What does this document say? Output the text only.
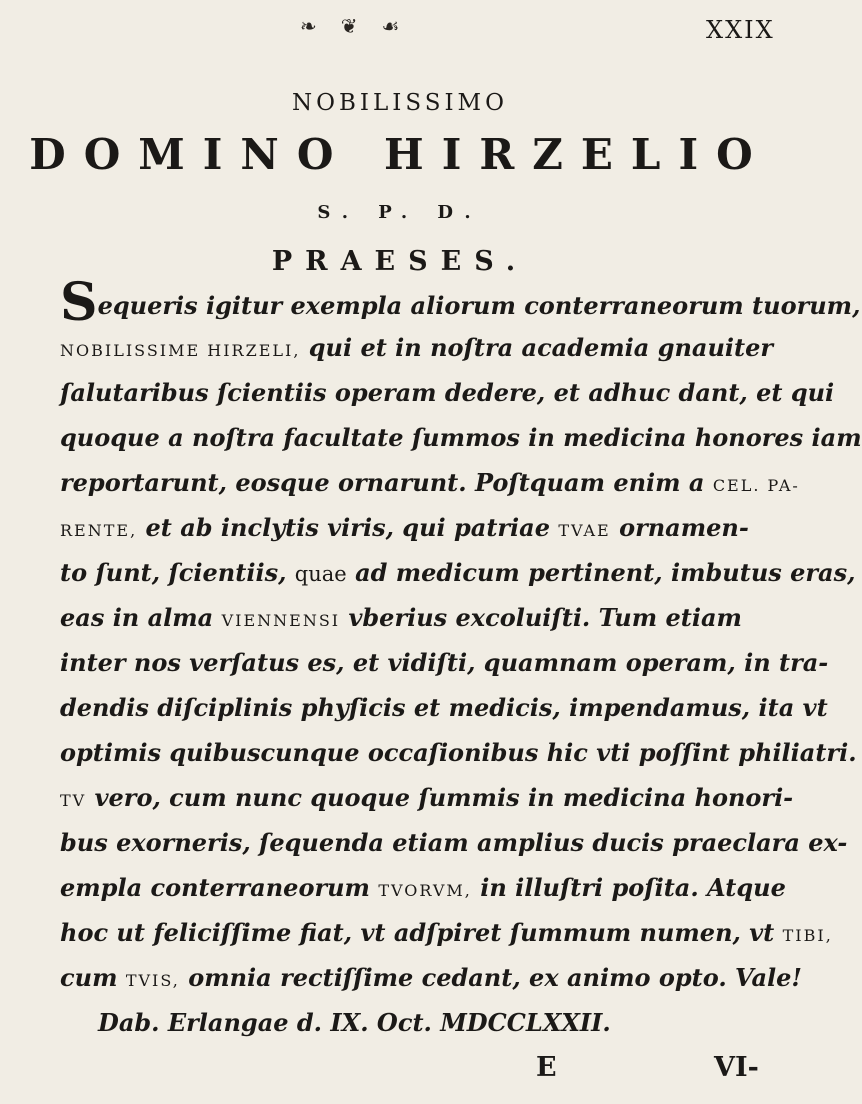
❧ ❦ ☙	XXIX
NOBILISSIMO
DOMINO HIRZELIO
S. P. D.
PRAESES.
Sequeris igitur exempla aliorum conterraneorum tuorum,
NOBILISSIME HIRZELI, qui et in noſtra academia gnauiter
ſalutaribus ſcientiis operam dedere, et adhuc dant, et qui
quoque a noſtra facultate ſummos in medicina honores iam
reportarunt, eosque ornarunt. Poſtquam enim a CEL. PA-
RENTE, et ab inclytis viris, qui patriae TVAE ornamen-
to ſunt, ſcientiis, quae ad medicum pertinent, imbutus eras,
eas in alma VIENNENSI vberius excoluiſti. Tum etiam
inter nos verſatus es, et vidiſti, quamnam operam, in tra-
dendis diſciplinis phyſicis et medicis, impendamus, ita vt
optimis quibuscunque occaſionibus hic vti poſſint philiatri.
TV vero, cum nunc quoque ſummis in medicina honori-
bus exorneris, ſequenda etiam amplius ducis praeclara ex-
empla conterraneorum TVORVM, in illuſtri poſita. Atque
hoc ut feliciſſime fiat, vt adſpiret ſummum numen, vt TIBI,
cum TVIS, omnia rectiſſime cedant, ex animo opto. Vale!
Dab. Erlangae d. IX. Oct. MDCCLXXII.
E	VI-
